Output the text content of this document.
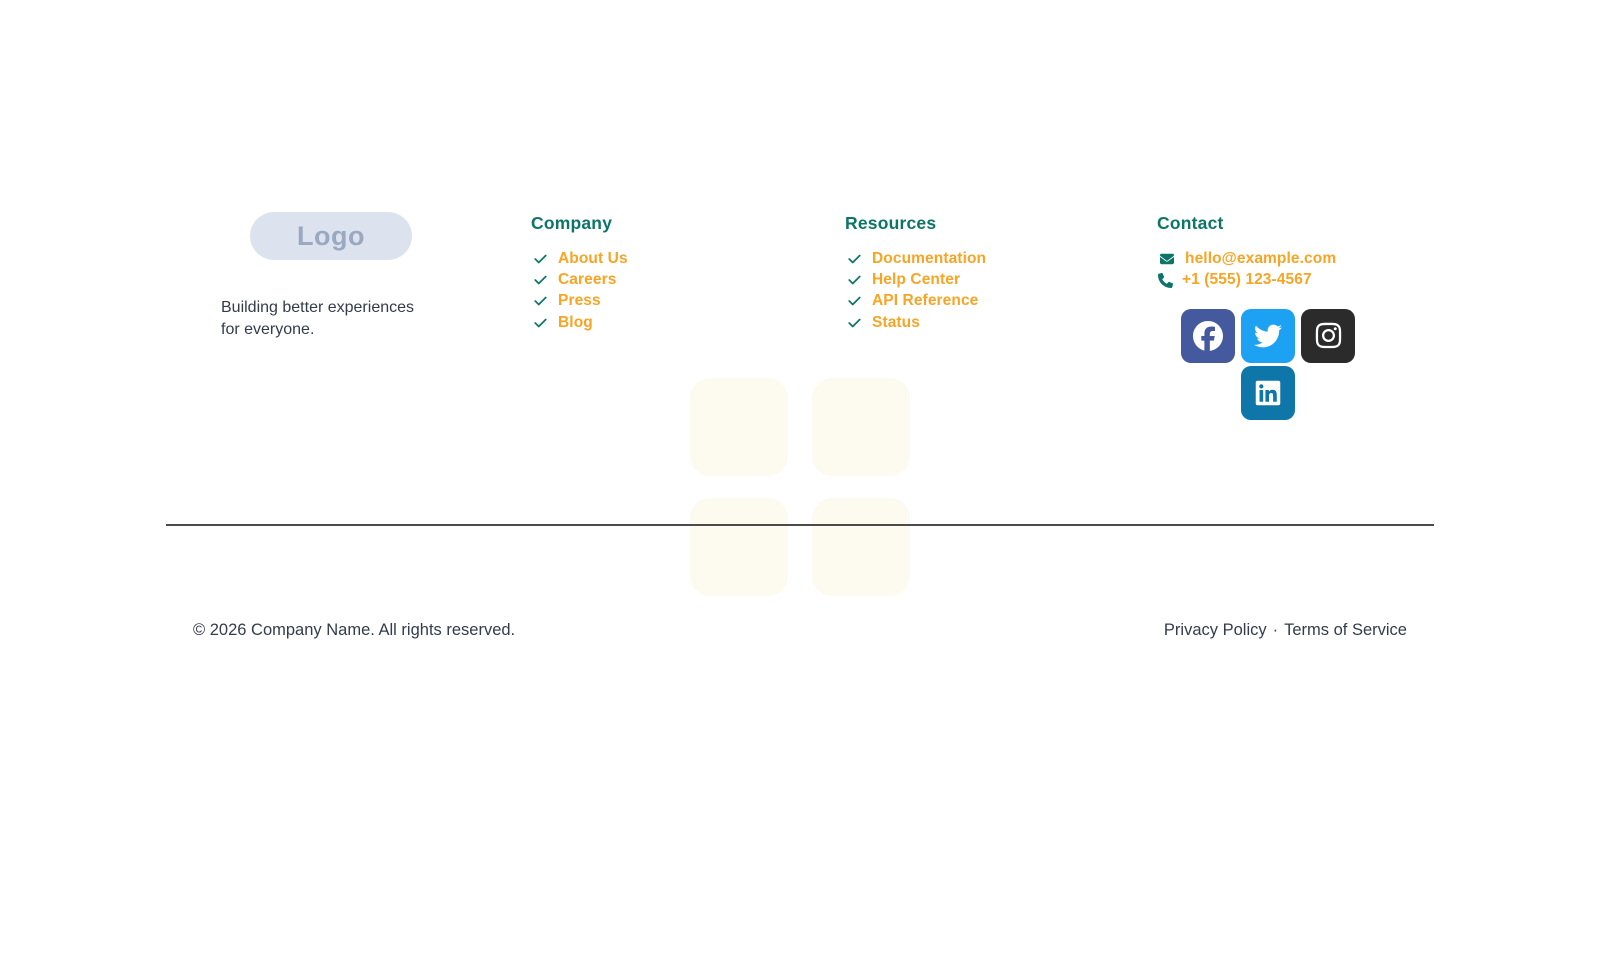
Logo
Building better experiences
for everyone.
Company
About Us
Careers
Press
Blog
Resources
Documentation
Help Center
API Reference
Status
Contact
hello@example.com
+1 (555) 123-4567
© 2026 Company Name. All rights reserved.	Privacy Policy · Terms of Service
